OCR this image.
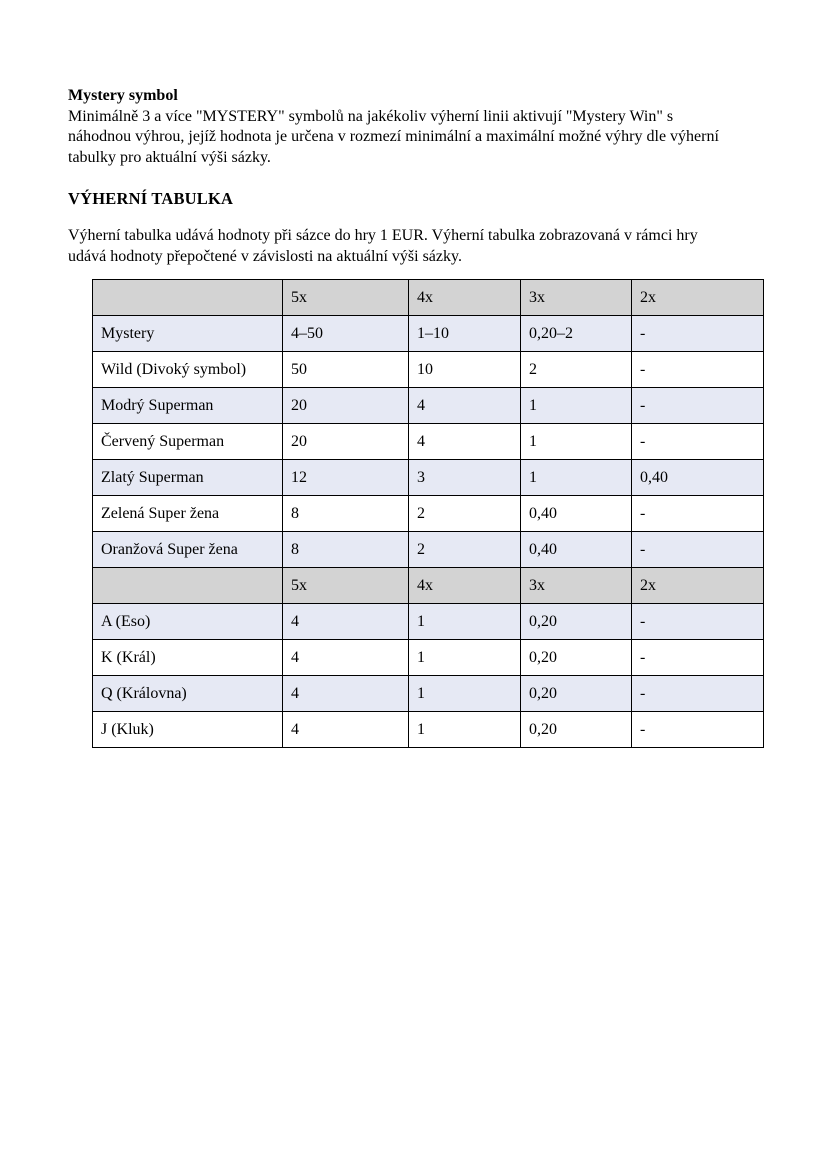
Mystery symbol
Minimálně 3 a více "MYSTERY" symbolů na jakékoliv výherní linii aktivují "Mystery Win" s
náhodnou výhrou, jejíž hodnota je určena v rozmezí minimální a maximální možné výhry dle výherní
tabulky pro aktuální výši sázky.
VÝHERNÍ TABULKA
Výherní tabulka udává hodnoty při sázce do hry 1 EUR. Výherní tabulka zobrazovaná v rámci hry
udává hodnoty přepočtené v závislosti na aktuální výši sázky.
	5x	4x	3x	2x
Mystery	4–50	1–10	0,20–2	-
Wild (Divoký symbol)	50	10	2	-
Modrý Superman	20	4	1	-
Červený Superman	20	4	1	-
Zlatý Superman	12	3	1	0,40
Zelená Super žena	8	2	0,40	-
Oranžová Super žena	8	2	0,40	-
	5x	4x	3x	2x
A (Eso)	4	1	0,20	-
K (Král)	4	1	0,20	-
Q (Královna)	4	1	0,20	-
J (Kluk)	4	1	0,20	-
